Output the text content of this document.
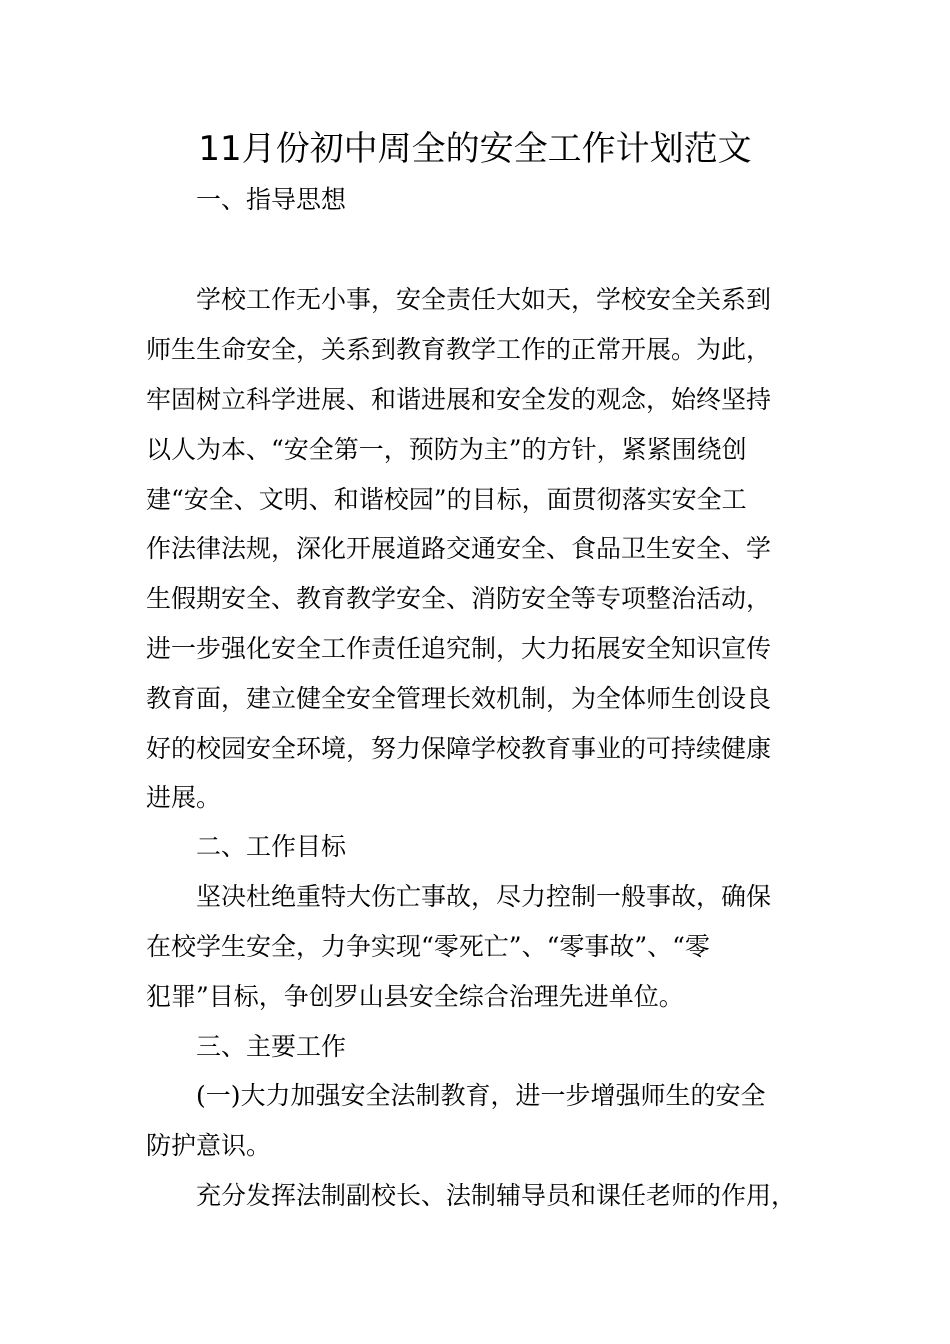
11月份初中周全的安全工作计划范文
一、指导思想
学校工作无小事，安全责任大如天，学校安全关系到
师生生命安全，关系到教育教学工作的正常开展。为此，
牢固树立科学进展、和谐进展和安全发的观念，始终坚持
以人为本、“安全第一，预防为主”的方针，紧紧围绕创
建“安全、文明、和谐校园”的目标，面贯彻落实安全工
作法律法规，深化开展道路交通安全、食品卫生安全、学
生假期安全、教育教学安全、消防安全等专项整治活动，
进一步强化安全工作责任追究制，大力拓展安全知识宣传
教育面，建立健全安全管理长效机制，为全体师生创设良
好的校园安全环境，努力保障学校教育事业的可持续健康
进展。
二、工作目标
坚决杜绝重特大伤亡事故，尽力控制一般事故，确保
在校学生安全，力争实现“零死亡”、“零事故”、“零
犯罪”目标，争创罗山县安全综合治理先进单位。
三、主要工作
(一)大力加强安全法制教育，进一步增强师生的安全
防护意识。
充分发挥法制副校长、法制辅导员和课任老师的作用，
